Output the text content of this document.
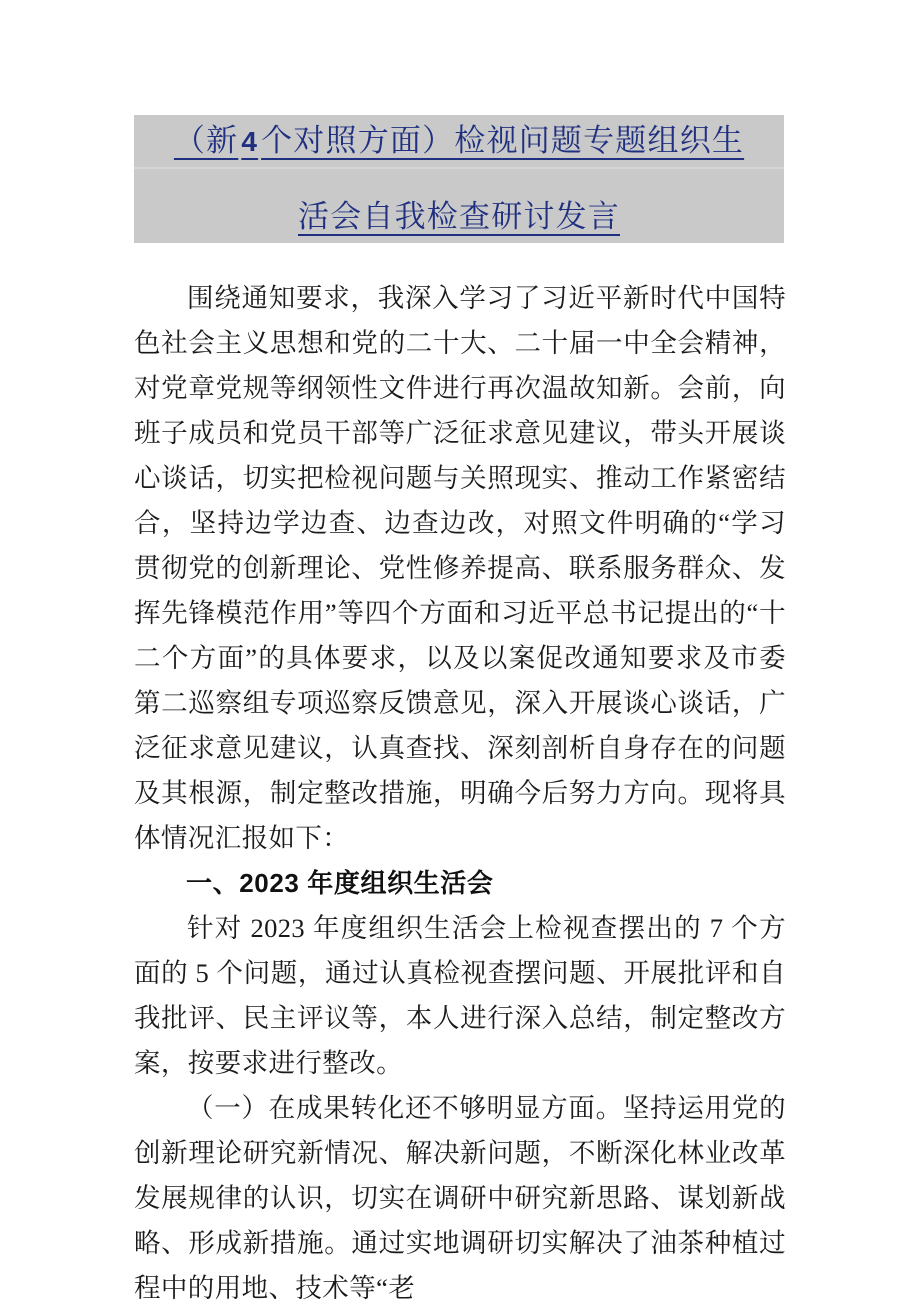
（新 4个对照方面）检视问题专题组织生
活会自我检查研讨发言

围绕通知要求，我深入学习了习近平新时代中国特色社会主义思想和党的二十大、二十届一中全会精神，对党章党规等纲领性文件进行再次温故知新。会前，向班子成员和党员干部等广泛征求意见建议，带头开展谈心谈话，切实把检视问题与关照现实、推动工作紧密结合，坚持边学边查、边查边改，对照文件明确的“学习贯彻党的创新理论、党性修养提高、联系服务群众、发挥先锋模范作用”等四个方面和习近平总书记提出的“十二个方面”的具体要求，以及以案促改通知要求及市委第二巡察组专项巡察反馈意见，深入开展谈心谈话，广泛征求意见建议，认真查找、深刻剖析自身存在的问题及其根源，制定整改措施，明确今后努力方向。现将具体情况汇报如下：

一、2023 年度组织生活会

针对 2023 年度组织生活会上检视查摆出的 7 个方面的 5 个问题，通过认真检视查摆问题、开展批评和自我批评、民主评议等，本人进行深入总结，制定整改方案，按要求进行整改。

（一）在成果转化还不够明显方面。坚持运用党的创新理论研究新情况、解决新问题，不断深化林业改革发展规律的认识，切实在调研中研究新思路、谋划新战略、形成新措施。通过实地调研切实解决了油茶种植过程中的用地、技术等“老
